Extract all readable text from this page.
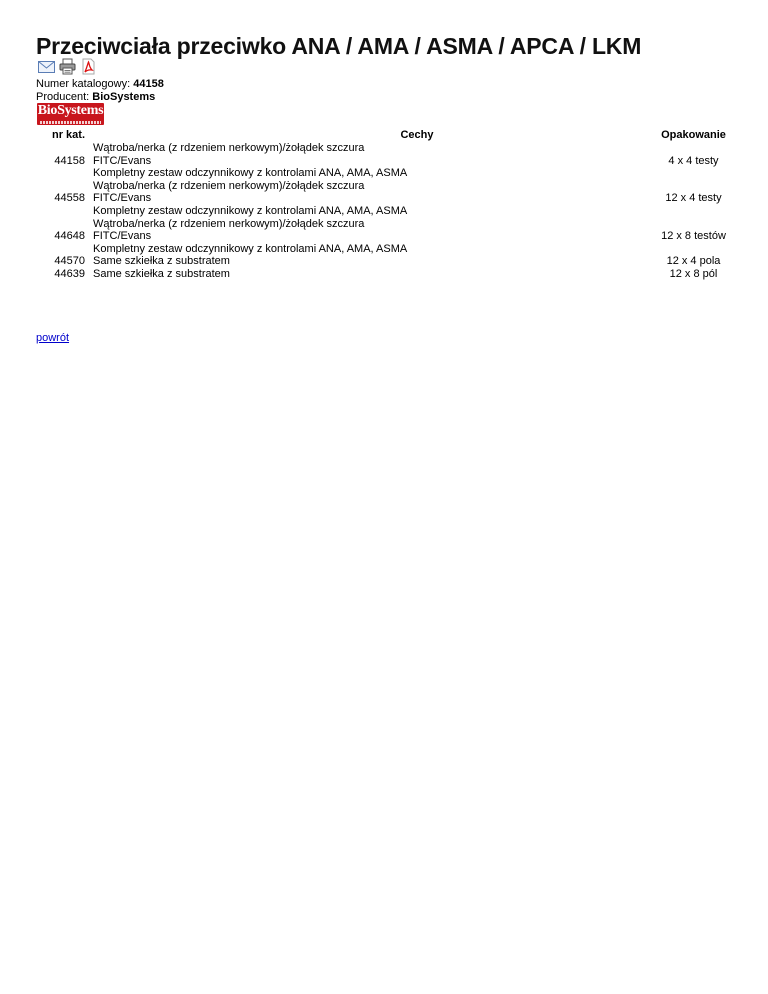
Przeciwciała przeciwko ANA / AMA / ASMA / APCA / LKM
Numer katalogowy: 44158
Producent: BioSystems
BioSystems
nr kat.	Cechy	Opakowanie
44158	Wątroba/nerka (z rdzeniem nerkowym)/żołądek szczura
FITC/Evans
Kompletny zestaw odczynnikowy z kontrolami ANA, AMA, ASMA	4 x 4 testy
44558	Wątroba/nerka (z rdzeniem nerkowym)/żołądek szczura
FITC/Evans
Kompletny zestaw odczynnikowy z kontrolami ANA, AMA, ASMA	12 x 4 testy
44648	Wątroba/nerka (z rdzeniem nerkowym)/żołądek szczura
FITC/Evans
Kompletny zestaw odczynnikowy z kontrolami ANA, AMA, ASMA	12 x 8 testów
44570	Same szkiełka z substratem	12 x 4 pola
44639	Same szkiełka z substratem	12 x 8 pól
powrót
